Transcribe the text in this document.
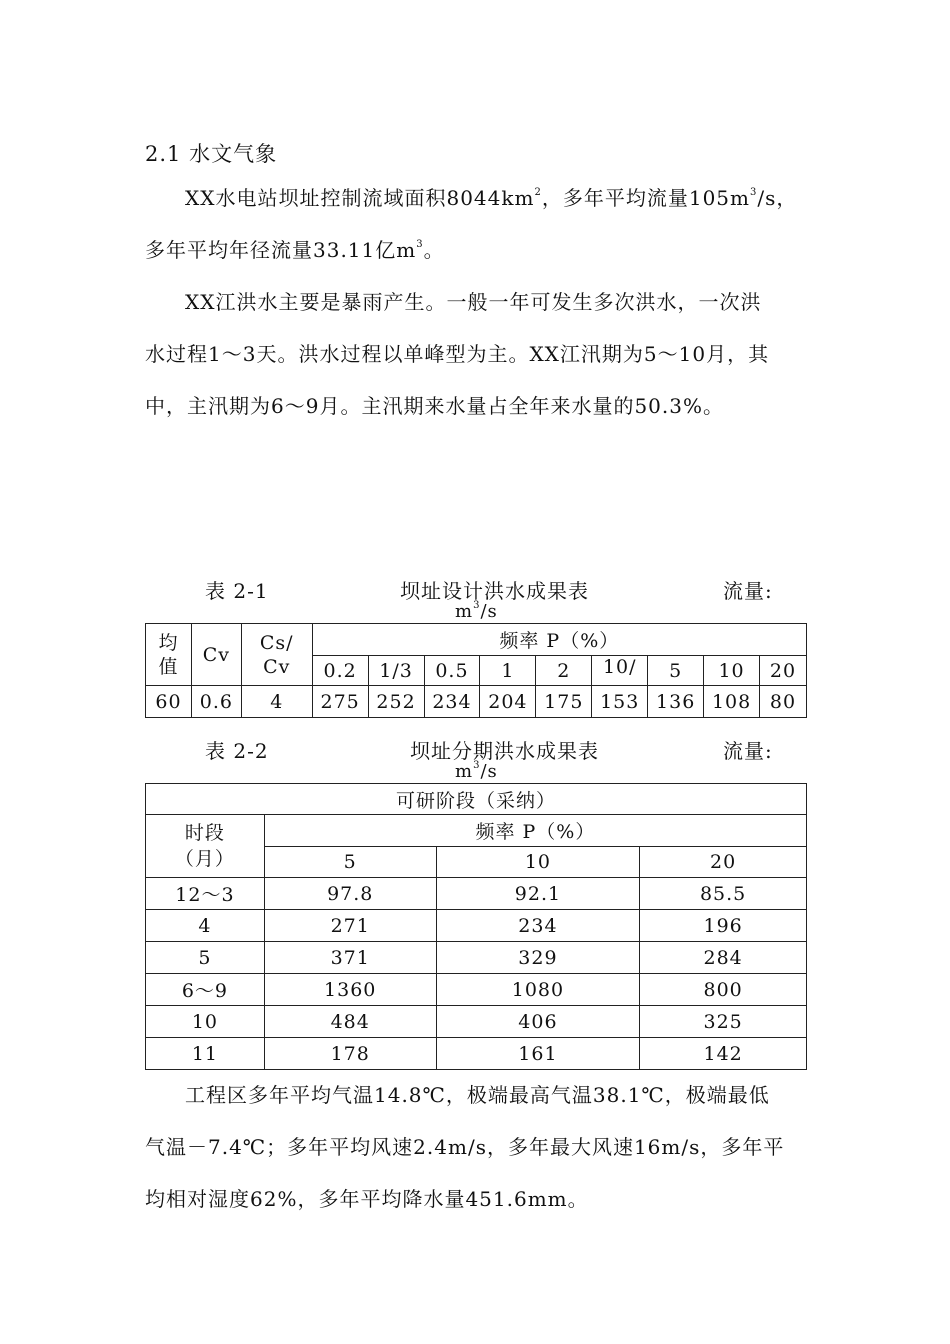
2.1 水文气象

XX水电站坝址控制流域面积$8044km^2$，多年平均流量$105m^3/s$，
多年平均年径流量33.11亿$m^3$。

XX江洪水主要是暴雨产生。一般一年可发生多次洪水，一次洪
水过程1～3天。洪水过程以单峰型为主。XX江汛期为5～10月，其
中，主汛期为6～9月。主汛期来水量占全年来水量的50.3%。

表 2-1	坝址设计洪水成果表	流量:
$m^3/s$
均
值	Cv	Cs/
Cv	频率 P（%）								
			0.2	1/3	0.5	1	2	10/	5	10	20
60	0.6	4	275	252	234	204	175	153	136	108	80
表 2-2	坝址分期洪水成果表	流量:
$m^3/s$
可研阶段（采纳）			
时段
（月）	频率 P（%）		
	5	10	20
12～3	97.8	92.1	85.5
4	271	234	196
5	371	329	284
6～9	1360	1080	800
10	484	406	325
11	178	161	142

工程区多年平均气温14.8℃，极端最高气温38.1℃，极端最低
气温－7.4℃；多年平均风速2.4m/s，多年最大风速16m/s，多年平
均相对湿度62%，多年平均降水量451.6mm。
